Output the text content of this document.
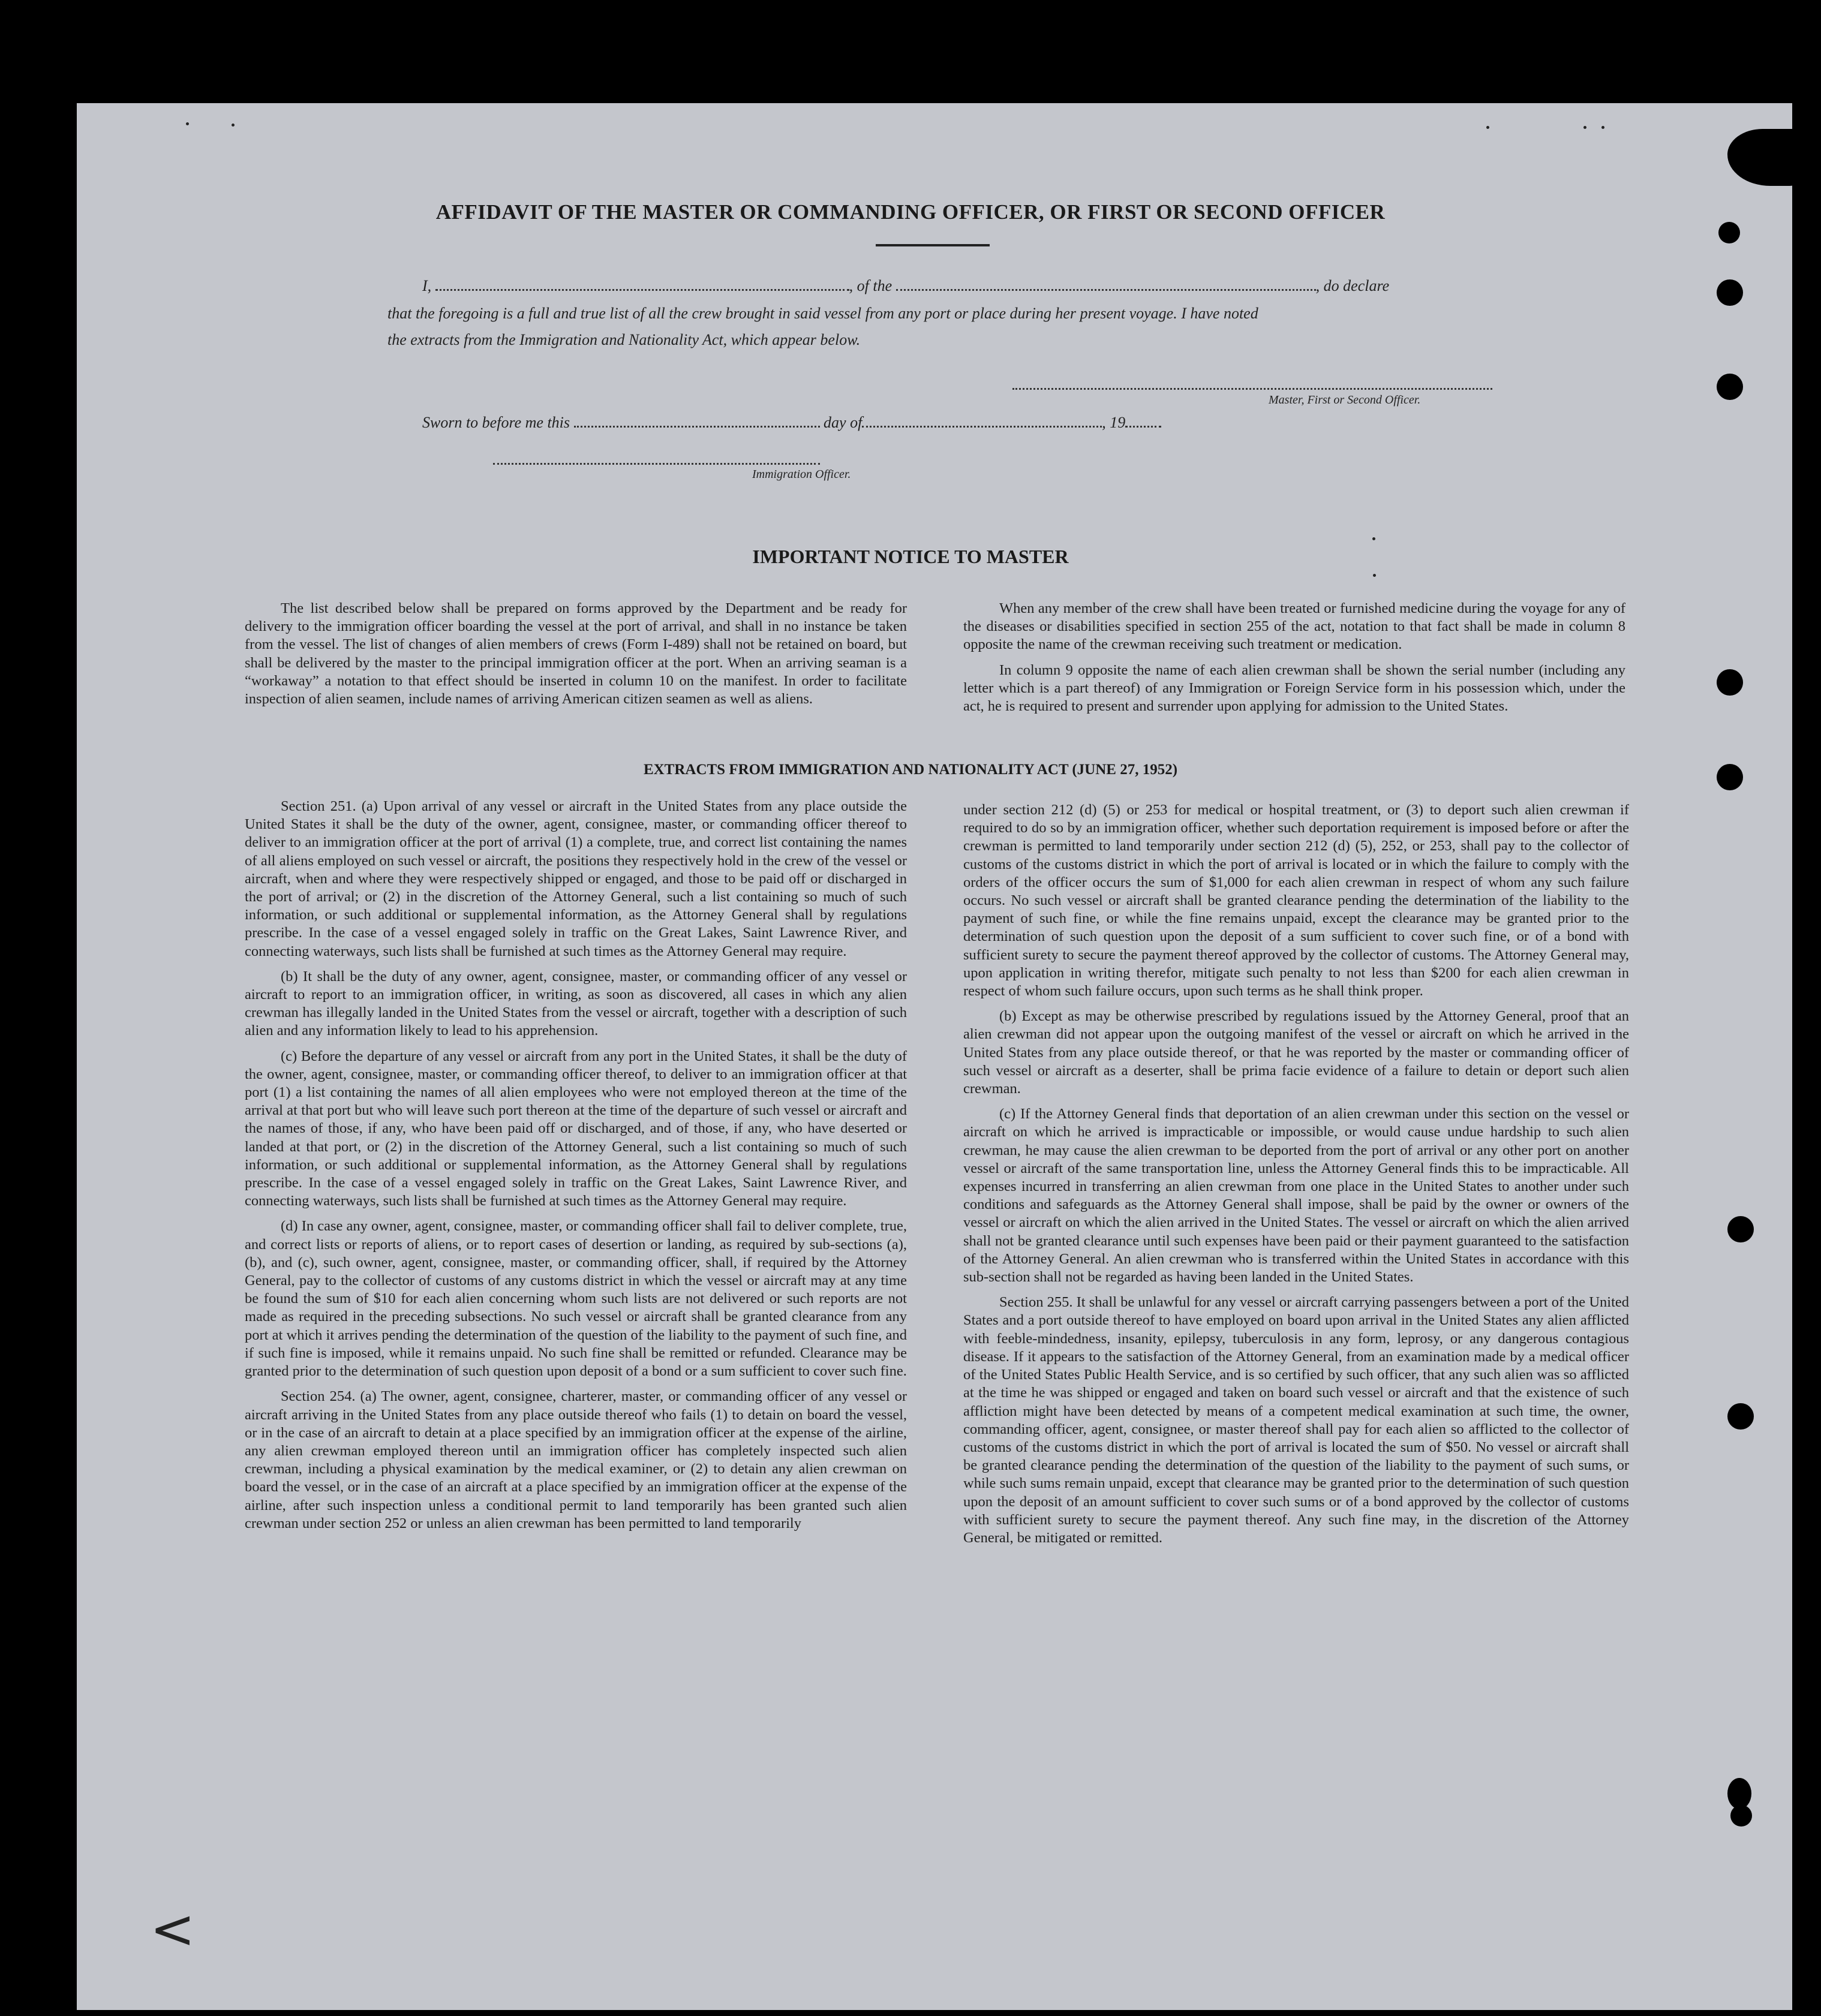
AFFIDAVIT OF THE MASTER OR COMMANDING OFFICER, OR FIRST OR SECOND OFFICER
I,	, of the	, do declare
that the foregoing is a full and true list of all the crew brought in said vessel from any port or place during her present voyage. I have noted
the extracts from the Immigration and Nationality Act, which appear below.
Master, First or Second Officer.
Sworn to before me this	day of	, 19
Immigration Officer.
IMPORTANT NOTICE TO MASTER

The list described below shall be prepared on forms approved by the Department and be ready for delivery to the immigration officer boarding the vessel at the port of arrival, and shall in no instance be taken from the vessel. The list of changes of alien members of crews (Form I-489) shall not be retained on board, but shall be delivered by the master to the principal immigration officer at the port. When an arriving seaman is a “workaway” a notation to that effect should be inserted in column 10 on the manifest. In order to facilitate inspection of alien seamen, include names of arriving American citizen seamen as well as aliens.

When any member of the crew shall have been treated or furnished medicine during the voyage for any of the diseases or disabilities specified in section 255 of the act, notation to that fact shall be made in column 8 opposite the name of the crewman receiving such treatment or medication.

In column 9 opposite the name of each alien crewman shall be shown the serial number (including any letter which is a part thereof) of any Immigration or Foreign Service form in his possession which, under the act, he is required to present and surrender upon applying for admission to the United States.

EXTRACTS FROM IMMIGRATION AND NATIONALITY ACT (JUNE 27, 1952)

Section 251. (a) Upon arrival of any vessel or aircraft in the United States from any place outside the United States it shall be the duty of the owner, agent, consignee, master, or commanding officer thereof to deliver to an immigration officer at the port of arrival (1) a complete, true, and correct list containing the names of all aliens employed on such vessel or aircraft, the positions they respectively hold in the crew of the vessel or aircraft, when and where they were respectively shipped or engaged, and those to be paid off or discharged in the port of arrival; or (2) in the discretion of the Attorney General, such a list containing so much of such information, or such additional or supplemental information, as the Attorney General shall by regulations prescribe. In the case of a vessel engaged solely in traffic on the Great Lakes, Saint Lawrence River, and connecting waterways, such lists shall be furnished at such times as the Attorney General may require.

(b) It shall be the duty of any owner, agent, consignee, master, or commanding officer of any vessel or aircraft to report to an immigration officer, in writing, as soon as discovered, all cases in which any alien crewman has illegally landed in the United States from the vessel or aircraft, together with a description of such alien and any information likely to lead to his apprehension.

(c) Before the departure of any vessel or aircraft from any port in the United States, it shall be the duty of the owner, agent, consignee, master, or commanding officer thereof, to deliver to an immigration officer at that port (1) a list containing the names of all alien employees who were not employed thereon at the time of the arrival at that port but who will leave such port thereon at the time of the departure of such vessel or aircraft and the names of those, if any, who have been paid off or discharged, and of those, if any, who have deserted or landed at that port, or (2) in the discretion of the Attorney General, such a list containing so much of such information, or such additional or supplemental information, as the Attorney General shall by regulations prescribe. In the case of a vessel engaged solely in traffic on the Great Lakes, Saint Lawrence River, and connecting waterways, such lists shall be furnished at such times as the Attorney General may require.

(d) In case any owner, agent, consignee, master, or commanding officer shall fail to deliver complete, true, and correct lists or reports of aliens, or to report cases of desertion or landing, as required by sub-sections (a), (b), and (c), such owner, agent, consignee, master, or commanding officer, shall, if required by the Attorney General, pay to the collector of customs of any customs district in which the vessel or aircraft may at any time be found the sum of $10 for each alien concerning whom such lists are not delivered or such reports are not made as required in the preceding subsections. No such vessel or aircraft shall be granted clearance from any port at which it arrives pending the determination of the question of the liability to the payment of such fine, and if such fine is imposed, while it remains unpaid. No such fine shall be remitted or refunded. Clearance may be granted prior to the determination of such question upon deposit of a bond or a sum sufficient to cover such fine.

Section 254. (a) The owner, agent, consignee, charterer, master, or commanding officer of any vessel or aircraft arriving in the United States from any place outside thereof who fails (1) to detain on board the vessel, or in the case of an aircraft to detain at a place specified by an immigration officer at the expense of the airline, any alien crewman employed thereon until an immigration officer has completely inspected such alien crewman, including a physical examination by the medical examiner, or (2) to detain any alien crewman on board the vessel, or in the case of an aircraft at a place specified by an immigration officer at the expense of the airline, after such inspection unless a conditional permit to land temporarily has been granted such alien crewman under section 252 or unless an alien crewman has been permitted to land temporarily

under section 212 (d) (5) or 253 for medical or hospital treatment, or (3) to deport such alien crewman if required to do so by an immigration officer, whether such deportation requirement is imposed before or after the crewman is permitted to land temporarily under section 212 (d) (5), 252, or 253, shall pay to the collector of customs of the customs district in which the port of arrival is located or in which the failure to comply with the orders of the officer occurs the sum of $1,000 for each alien crewman in respect of whom any such failure occurs. No such vessel or aircraft shall be granted clearance pending the determination of the liability to the payment of such fine, or while the fine remains unpaid, except the clearance may be granted prior to the determination of such question upon the deposit of a sum sufficient to cover such fine, or of a bond with sufficient surety to secure the payment thereof approved by the collector of customs. The Attorney General may, upon application in writing therefor, mitigate such penalty to not less than $200 for each alien crewman in respect of whom such failure occurs, upon such terms as he shall think proper.

(b) Except as may be otherwise prescribed by regulations issued by the Attorney General, proof that an alien crewman did not appear upon the outgoing manifest of the vessel or aircraft on which he arrived in the United States from any place outside thereof, or that he was reported by the master or commanding officer of such vessel or aircraft as a deserter, shall be prima facie evidence of a failure to detain or deport such alien crewman.

(c) If the Attorney General finds that deportation of an alien crewman under this section on the vessel or aircraft on which he arrived is impracticable or impossible, or would cause undue hardship to such alien crewman, he may cause the alien crewman to be deported from the port of arrival or any other port on another vessel or aircraft of the same transportation line, unless the Attorney General finds this to be impracticable. All expenses incurred in transferring an alien crewman from one place in the United States to another under such conditions and safeguards as the Attorney General shall impose, shall be paid by the owner or owners of the vessel or aircraft on which the alien arrived in the United States. The vessel or aircraft on which the alien arrived shall not be granted clearance until such expenses have been paid or their payment guaranteed to the satisfaction of the Attorney General. An alien crewman who is transferred within the United States in accordance with this sub-section shall not be regarded as having been landed in the United States.

Section 255. It shall be unlawful for any vessel or aircraft carrying passengers between a port of the United States and a port outside thereof to have employed on board upon arrival in the United States any alien afflicted with feeble-mindedness, insanity, epilepsy, tuberculosis in any form, leprosy, or any dangerous contagious disease. If it appears to the satisfaction of the Attorney General, from an examination made by a medical officer of the United States Public Health Service, and is so certified by such officer, that any such alien was so afflicted at the time he was shipped or engaged and taken on board such vessel or aircraft and that the existence of such affliction might have been detected by means of a competent medical examination at such time, the owner, commanding officer, agent, consignee, or master thereof shall pay for each alien so afflicted to the collector of customs of the customs district in which the port of arrival is located the sum of $50. No vessel or aircraft shall be granted clearance pending the determination of the question of the liability to the payment of such sums, or while such sums remain unpaid, except that clearance may be granted prior to the determination of such question upon the deposit of an amount sufficient to cover such sums or of a bond approved by the collector of customs with sufficient surety to secure the payment thereof. Any such fine may, in the discretion of the Attorney General, be mitigated or remitted.

<
